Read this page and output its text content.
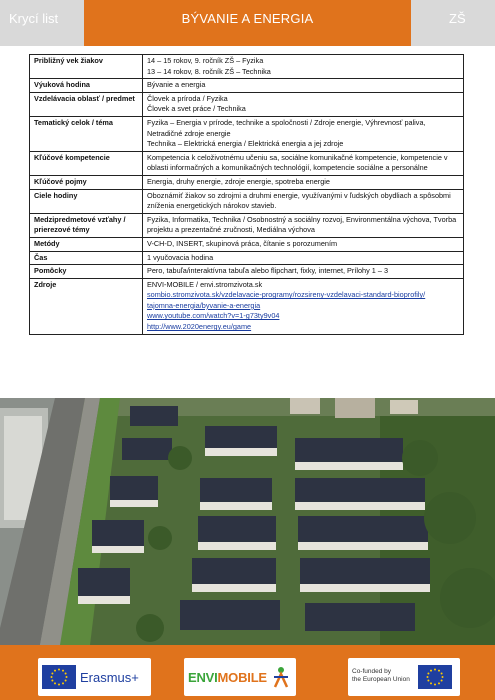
Krycí list	BÝVANIE A ENERGIA	ZŠ
Približný vek žiakov	14 – 15 rokov, 9. ročník ZŠ – Fyzika
13 – 14 rokov, 8. ročník ZŠ – Technika

Výuková hodina	Bývanie a energia

Vzdelávacia oblasť / predmet	Človek a príroda / Fyzika
Človek a svet práce / Technika

Tematický celok / téma	Fyzika – Energia v prírode, technike a spoločnosti / Zdroje energie, Výhrevnosť paliva, Netradičné zdroje energie
Technika – Elektrická energia / Elektrická energia a jej zdroje

Kľúčové kompetencie	Kompetencia k celoživotnému učeniu sa, sociálne komunikačné kompetencie, kompetencie v oblasti informačných a komunikačných technológií, kompetencie sociálne a personálne

Kľúčové pojmy	Energia, druhy energie, zdroje energie, spotreba energie

Ciele hodiny	Oboznámiť žiakov so zdrojmi a druhmi energie, využívanými v ľudských obydliach a spôsobmi zníženia energetických nárokov stavieb.

Medzipredmetové vzťahy / prierezové témy	Fyzika, Informatika, Technika / Osobnostný a sociálny rozvoj, Environmentálna výchova, Tvorba projektu a prezentačné zručnosti, Mediálna výchova

Metódy	V-CH-D, INSERT, skupinová práca, čítanie s porozumením

Čas	1 vyučovacia hodina

Pomôcky	Pero, tabuľa/interaktívna tabuľa alebo flipchart, fixky, internet, Prílohy 1 – 3

Zdroje	ENVI-MOBILE / envi.stromzivota.sk
sombio.stromzivota.sk/vzdelavacie-programy/rozsireny-vzdelavaci-standard-bioprofily/
tajomna-energia/byvanie-a-energia
www.youtube.com/watch?v=1-g73ty9v04
http://www.2020energy.eu/game
Erasmus+	ENVIMOBILE	Co-funded by
the European Union
